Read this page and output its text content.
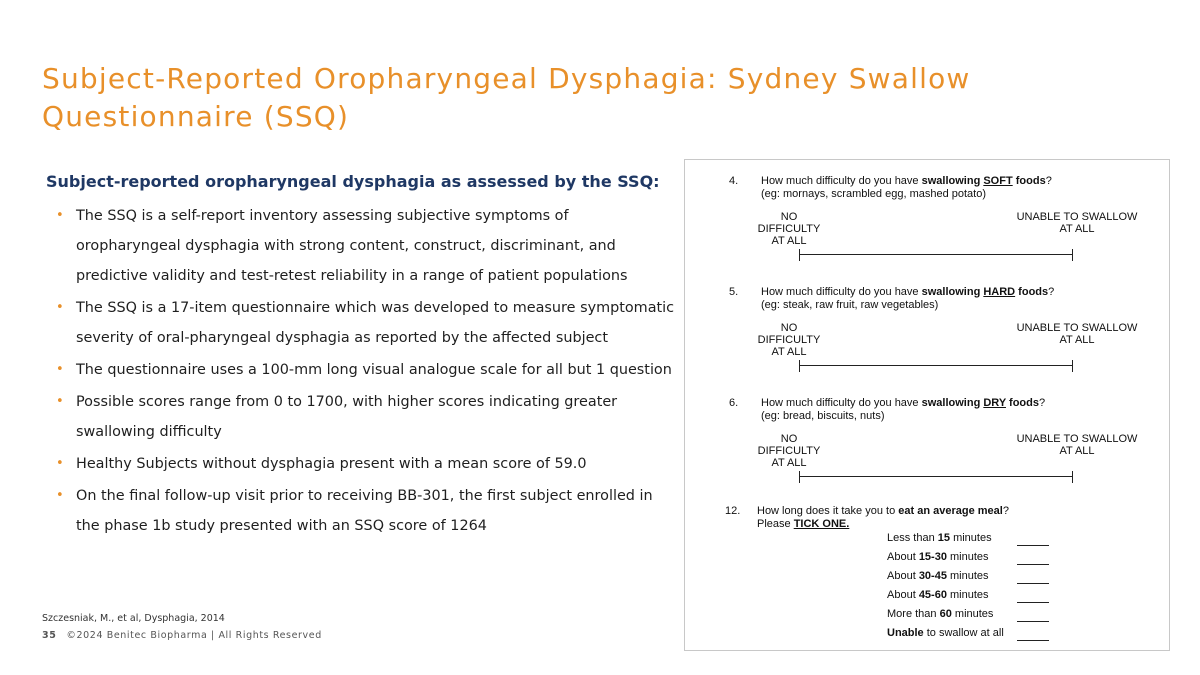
Subject-Reported Oropharyngeal Dysphagia: Sydney Swallow Questionnaire (SSQ)

Subject-reported oropharyngeal dysphagia as assessed by the SSQ:

• The SSQ is a self-report inventory assessing subjective symptoms of oropharyngeal dysphagia with strong content, construct, discriminant, and predictive validity and test-retest reliability in a range of patient populations
• The SSQ is a 17-item questionnaire which was developed to measure symptomatic severity of oral-pharyngeal dysphagia as reported by the affected subject
• The questionnaire uses a 100-mm long visual analogue scale for all but 1 question
• Possible scores range from 0 to 1700, with higher scores indicating greater swallowing difficulty
• Healthy Subjects without dysphagia present with a mean score of 59.0
• On the final follow-up visit prior to receiving BB-301, the first subject enrolled in the phase 1b study presented with an SSQ score of 1264
Szczesniak, M., et al, Dysphagia, 2014
35 ©2024 Benitec Biopharma | All Rights Reserved
4. How much difficulty do you have swallowing SOFT foods?
(eg: mornays, scrambled egg, mashed potato)
NO DIFFICULTY
AT ALL
UNABLE TO SWALLOW
AT ALL
5. How much difficulty do you have swallowing HARD foods?
(eg: steak, raw fruit, raw vegetables)
NO DIFFICULTY
AT ALL
UNABLE TO SWALLOW
AT ALL
6. How much difficulty do you have swallowing DRY foods?
(eg: bread, biscuits, nuts)
NO DIFFICULTY
AT ALL
UNABLE TO SWALLOW
AT ALL
12. How long does it take you to eat an average meal?
Please TICK ONE.
Less than 15 minutes
About 15-30 minutes
About 30-45 minutes
About 45-60 minutes
More than 60 minutes
Unable to swallow at all
